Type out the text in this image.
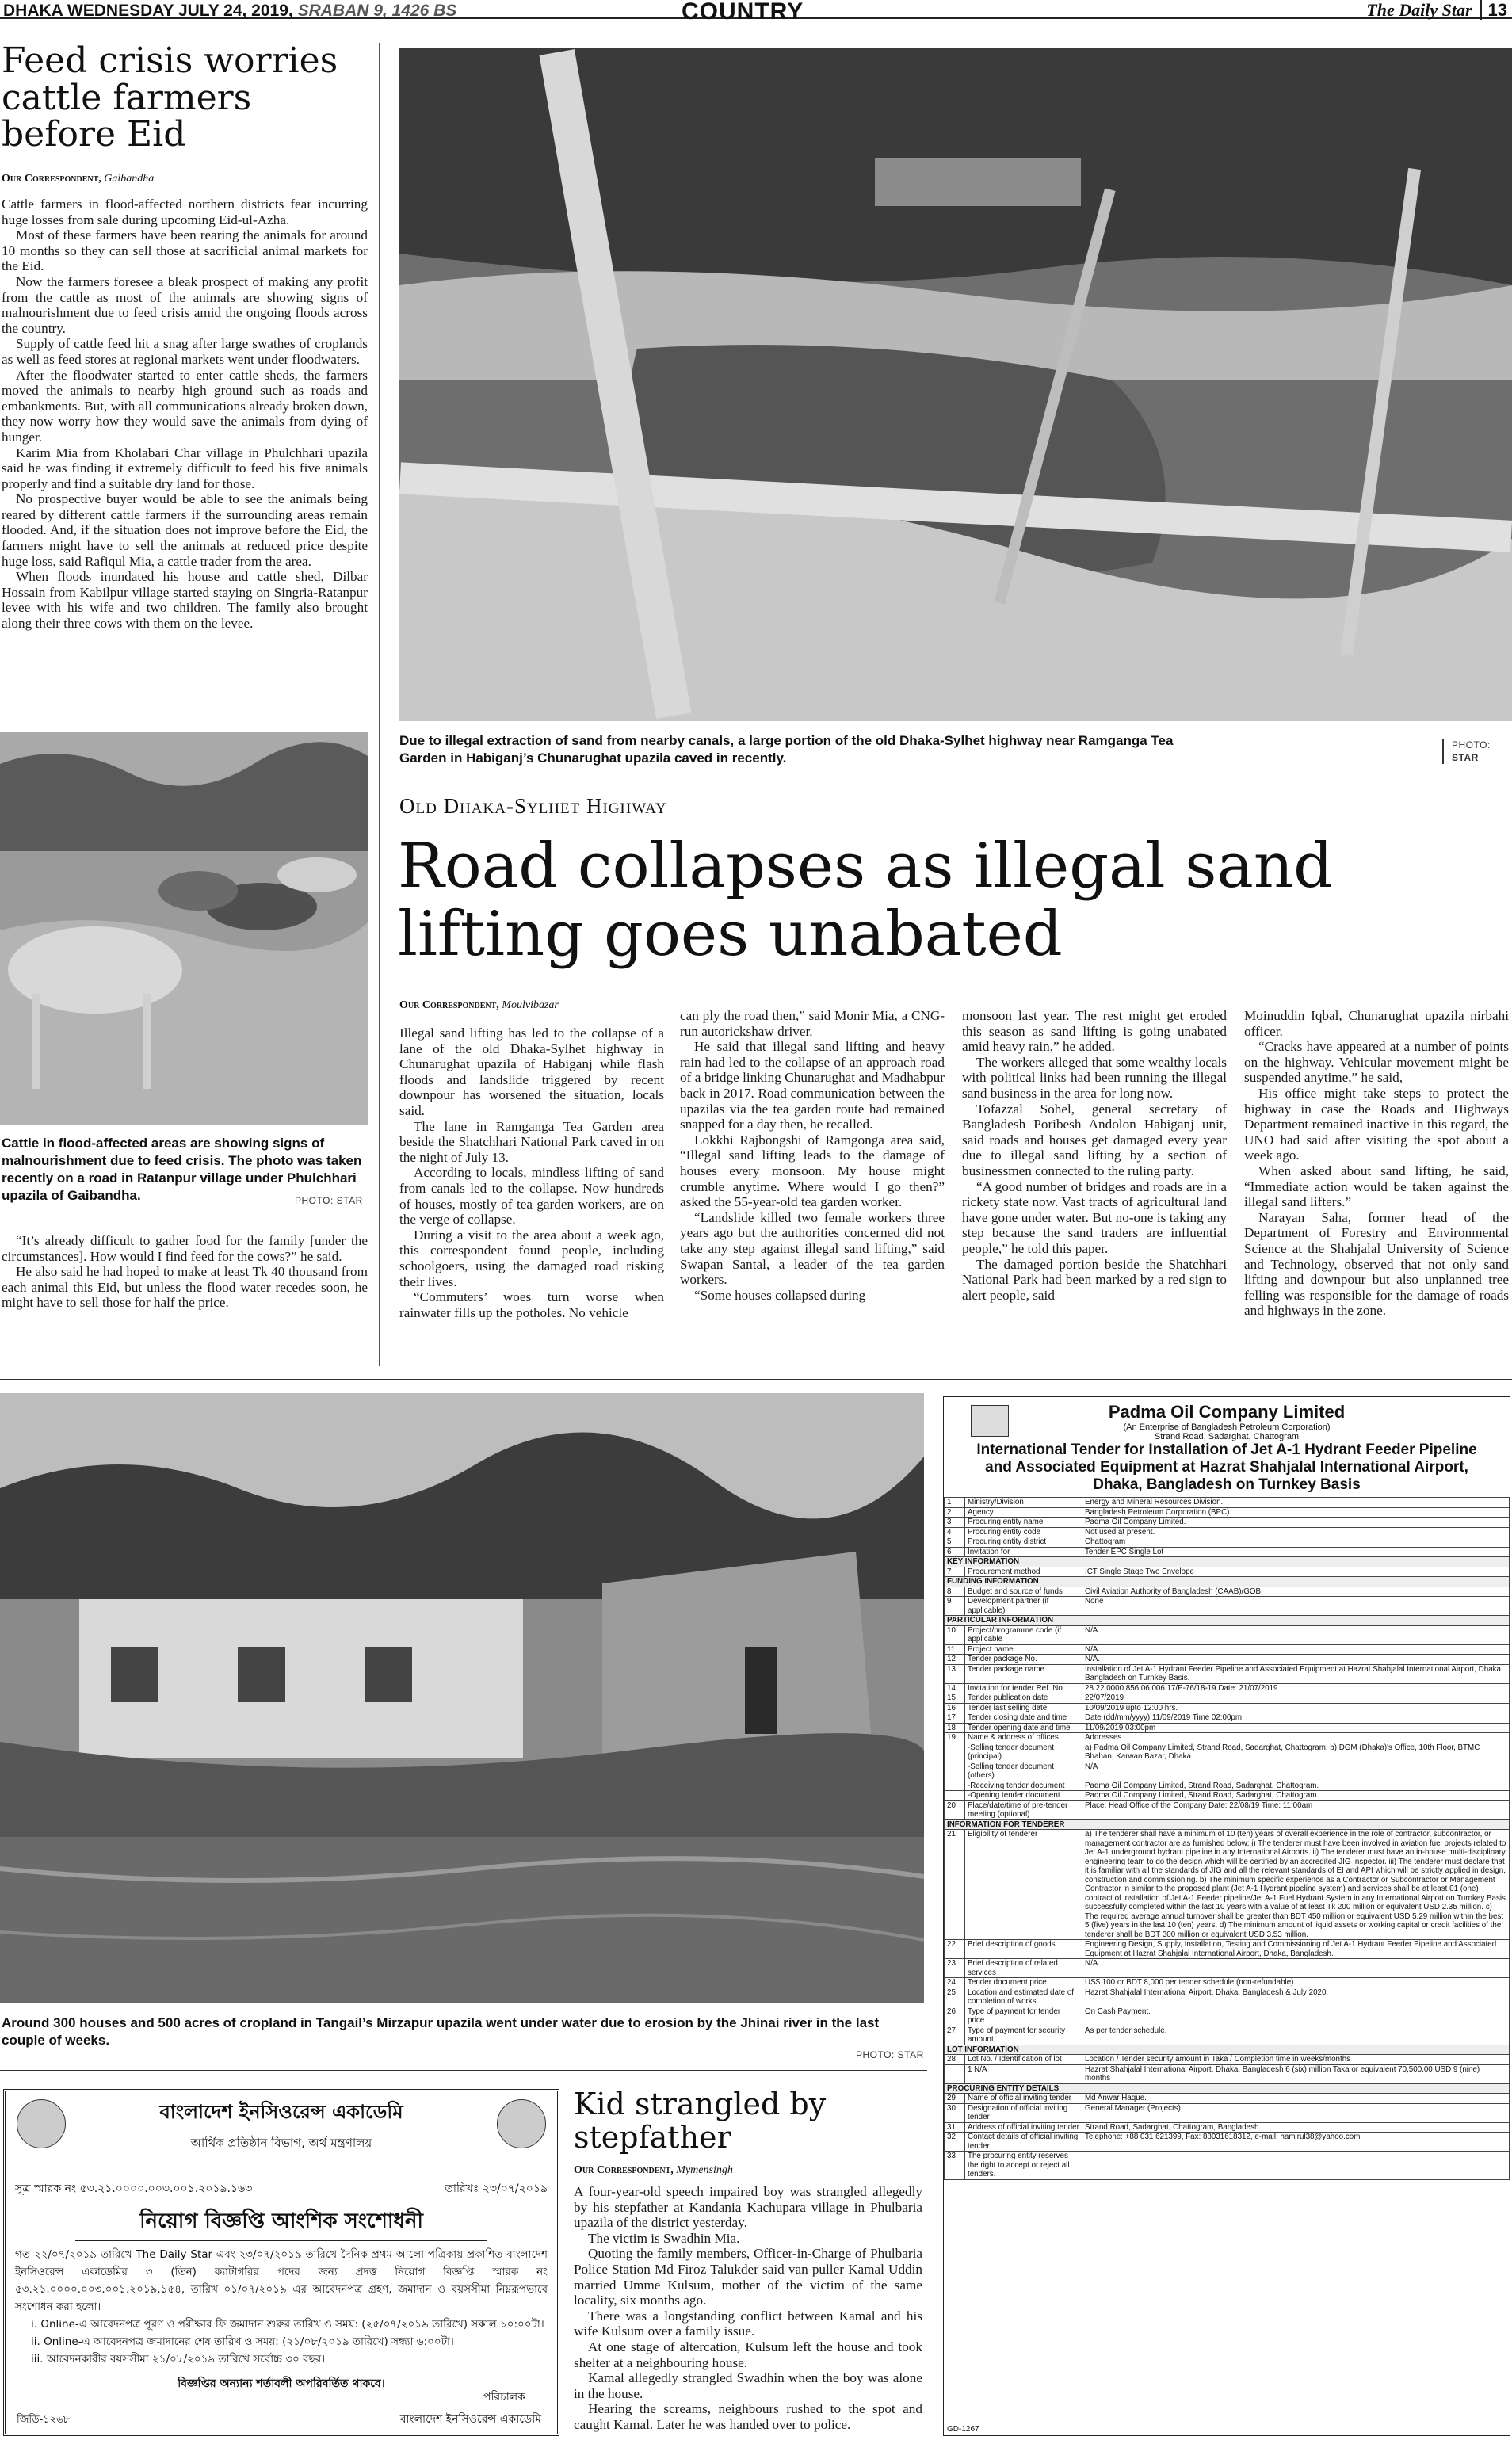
DHAKA WEDNESDAY JULY 24, 2019, SRABAN 9, 1426 BS	COUNTRY	The Daily Star 13
Feed crisis worries cattle farmers before Eid
Our Correspondent, Gaibandha

Cattle farmers in flood-affected northern districts fear incurring huge losses from sale during upcoming Eid-ul-Azha.

Most of these farmers have been rearing the animals for around 10 months so they can sell those at sacrificial animal markets for the Eid.

Now the farmers foresee a bleak prospect of making any profit from the cattle as most of the animals are showing signs of malnourishment due to feed crisis amid the ongoing floods across the country.

Supply of cattle feed hit a snag after large swathes of croplands as well as feed stores at regional markets went under floodwaters.

After the floodwater started to enter cattle sheds, the farmers moved the animals to nearby high ground such as roads and embankments. But, with all communications already broken down, they now worry how they would save the animals from dying of hunger.

Karim Mia from Kholabari Char village in Phulchhari upazila said he was finding it extremely difficult to feed his five animals properly and find a suitable dry land for those.

No prospective buyer would be able to see the animals being reared by different cattle farmers if the surrounding areas remain flooded. And, if the situation does not improve before the Eid, the farmers might have to sell the animals at reduced price despite huge loss, said Rafiqul Mia, a cattle trader from the area.

When floods inundated his house and cattle shed, Dilbar Hossain from Kabilpur village started staying on Singria-Ratanpur levee with his wife and two children. The family also brought along their three cows with them on the levee.

Cattle in flood-affected areas are showing signs of malnourishment due to feed crisis. The photo was taken recently on a road in Ratanpur village under Phulchhari upazila of Gaibandha.	PHOTO: STAR

“It’s already difficult to gather food for the family [under the circumstances]. How would I find feed for the cows?” he said.

He also said he had hoped to make at least Tk 40 thousand from each animal this Eid, but unless the flood water recedes soon, he might have to sell those for half the price.

Due to illegal extraction of sand from nearby canals, a large portion of the old Dhaka-Sylhet highway near Ramganga Tea Garden in Habiganj’s Chunarughat upazila caved in recently.
PHOTO:
STAR
Old Dhaka-Sylhet Highway
Road collapses as illegal sand lifting goes unabated
Our Correspondent, Moulvibazar

Illegal sand lifting has led to the collapse of a lane of the old Dhaka-Sylhet highway in Chunarughat upazila of Habiganj while flash floods and landslide triggered by recent downpour has worsened the situation, locals said.

The lane in Ramganga Tea Garden area beside the Shatchhari National Park caved in on the night of July 13.

According to locals, mindless lifting of sand from canals led to the collapse. Now hundreds of houses, mostly of tea garden workers, are on the verge of collapse.

During a visit to the area about a week ago, this correspondent found people, including schoolgoers, using the damaged road risking their lives.

“Commuters’ woes turn worse when rainwater fills up the potholes. No vehicle

can ply the road then,” said Monir Mia, a CNG-run autorickshaw driver.

He said that illegal sand lifting and heavy rain had led to the collapse of an approach road of a bridge linking Chunarughat and Madhabpur back in 2017. Road communication between the upazilas via the tea garden route had remained snapped for a day then, he recalled.

Lokkhi Rajbongshi of Ramgonga area said, “Illegal sand lifting leads to the damage of houses every monsoon. My house might crumble anytime. Where would I go then?” asked the 55-year-old tea garden worker.

“Landslide killed two female workers three years ago but the authorities concerned did not take any step against illegal sand lifting,” said Swapan Santal, a leader of the tea garden workers.

“Some houses collapsed during

monsoon last year. The rest might get eroded this season as sand lifting is going unabated amid heavy rain,” he added.

The workers alleged that some wealthy locals with political links had been running the illegal sand business in the area for long now.

Tofazzal Sohel, general secretary of Bangladesh Poribesh Andolon Habiganj unit, said roads and houses get damaged every year due to illegal sand lifting by a section of businessmen connected to the ruling party.

“A good number of bridges and roads are in a rickety state now. Vast tracts of agricultural land have gone under water. But no-one is taking any step because the sand traders are influential people,” he told this paper.

The damaged portion beside the Shatchhari National Park had been marked by a red sign to alert people, said

Moinuddin Iqbal, Chunarughat upazila nirbahi officer.

“Cracks have appeared at a number of points on the highway. Vehicular movement might be suspended anytime,” he said,

His office might take steps to protect the highway in case the Roads and Highways Department remained inactive in this regard, the UNO had said after visiting the spot about a week ago.

When asked about sand lifting, he said, “Immediate action would be taken against the illegal sand lifters.”

Narayan Saha, former head of the Department of Forestry and Environmental Science at the Shahjalal University of Science and Technology, observed that not only sand lifting and downpour but also unplanned tree felling was responsible for the damage of roads and highways in the zone.

Around 300 houses and 500 acres of cropland in Tangail’s Mirzapur upazila went under water due to erosion by the Jhinai river in the last couple of weeks.
PHOTO: STAR
বাংলাদেশ ইনসিওরেন্স একাডেমি
আর্থিক প্রতিষ্ঠান বিভাগ, অর্থ মন্ত্রণালয়
সূত্র স্মারক নং ৫৩.২১.০০০০.০০৩.০০১.২০১৯.১৬৩	তারিখঃ ২৩/০৭/২০১৯
নিয়োগ বিজ্ঞপ্তি আংশিক সংশোধনী
গত ২২/০৭/২০১৯ তারিখে The Daily Star এবং ২৩/০৭/২০১৯ তারিখে দৈনিক প্রথম আলো পত্রিকায় প্রকাশিত বাংলাদেশ ইনসিওরেন্স একাডেমির ৩ (তিন) ক্যাটাগরির পদের জন্য প্রদত্ত নিয়োগ বিজ্ঞপ্তি স্মারক নং ৫৩.২১.০০০০.০০৩.০০১.২০১৯.১৫৪, তারিখ ০১/০৭/২০১৯ এর আবেদনপত্র গ্রহণ, জমাদান ও বয়সসীমা নিম্নরূপভাবে সংশোধন করা হলো।
i. Online-এ আবেদনপত্র পূরণ ও পরীক্ষার ফি জমাদান শুরুর তারিখ ও সময়: (২৫/০৭/২০১৯ তারিখে) সকাল ১০:০০টা।
ii. Online-এ আবেদনপত্র জমাদানের শেষ তারিখ ও সময়: (২১/০৮/২০১৯ তারিখে) সন্ধ্যা ৬:০০টা।
iii. আবেদনকারীর বয়সসীমা ২১/০৮/২০১৯ তারিখে সর্বোচ্চ ৩০ বছর।
বিজ্ঞপ্তির অন্যান্য শর্তাবলী অপরিবর্তিত থাকবে।
পরিচালক
জিডি-১২৬৮	বাংলাদেশ ইনসিওরেন্স একাডেমি
Kid strangled by stepfather
Our Correspondent, Mymensingh

A four-year-old speech impaired boy was strangled allegedly by his stepfather at Kandania Kachupara village in Phulbaria upazila of the district yesterday.

The victim is Swadhin Mia.

Quoting the family members, Officer-in-Charge of Phulbaria Police Station Md Firoz Talukder said van puller Kamal Uddin married Umme Kulsum, mother of the victim of the same locality, six months ago.

There was a longstanding conflict between Kamal and his wife Kulsum over a family issue.

At one stage of altercation, Kulsum left the house and took shelter at a neighbouring house.

Kamal allegedly strangled Swadhin when the boy was alone in the house.

Hearing the screams, neighbours rushed to the spot and caught Kamal. Later he was handed over to police.

Padma Oil Company Limited
(An Enterprise of Bangladesh Petroleum Corporation)
Strand Road, Sadarghat, Chattogram
International Tender for Installation of Jet A-1 Hydrant Feeder Pipeline and Associated Equipment at Hazrat Shahjalal International Airport, Dhaka, Bangladesh on Turnkey Basis
1	Ministry/Division	Energy and Mineral Resources Division.
2	Agency	Bangladesh Petroleum Corporation (BPC).
3	Procuring entity name	Padma Oil Company Limited.
4	Procuring entity code	Not used at present.
5	Procuring entity district	Chattogram
6	Invitation for	Tender EPC Single Lot
KEY INFORMATION		
7	Procurement method	ICT Single Stage Two Envelope
FUNDING INFORMATION		
8	Budget and source of funds	Civil Aviation Authority of Bangladesh (CAAB)/GOB.
9	Development partner (if applicable)	None
PARTICULAR INFORMATION		
10	Project/programme code (if applicable	N/A.
11	Project name	N/A.
12	Tender package No.	N/A.
13	Tender package name	Installation of Jet A-1 Hydrant Feeder Pipeline and Associated Equipment at Hazrat Shahjalal International Airport, Dhaka, Bangladesh on Turnkey Basis.
14	Invitation for tender Ref. No.	28.22.0000.856.06.006.17/P-76/18-19 Date: 21/07/2019
15	Tender publication date	22/07/2019
16	Tender last selling date	10/09/2019 upto 12:00 hrs.
17	Tender closing date and time	Date (dd/mm/yyyy) 11/09/2019 Time 02:00pm
18	Tender opening date and time	11/09/2019 03:00pm
19	Name & address of offices	Addresses
	-Selling tender document (principal)	a) Padma Oil Company Limited, Strand Road, Sadarghat, Chattogram. b) DGM (Dhaka)'s Office, 10th Floor, BTMC Bhaban, Karwan Bazar, Dhaka.
	-Selling tender document (others)	N/A
	-Receiving tender document	Padma Oil Company Limited, Strand Road, Sadarghat, Chattogram.
	-Opening tender document	Padma Oil Company Limited, Strand Road, Sadarghat, Chattogram.
20	Place/date/time of pre-tender meeting (optional)	Place: Head Office of the Company Date: 22/08/19 Time: 11:00am
INFORMATION FOR TENDERER		
21	Eligibility of tenderer	a) The tenderer shall have a minimum of 10 (ten) years of overall experience in the role of contractor, subcontractor, or management contractor are as furnished below: i) The tenderer must have been involved in aviation fuel projects related to Jet A-1 underground hydrant pipeline in any International Airports. ii) The tenderer must have an in-house multi-disciplinary engineering team to do the design which will be certified by an accredited JIG Inspector. iii) The tenderer must declare that it is familiar with all the standards of JIG and all the relevant standards of EI and API which will be strictly applied in design, construction and commissioning. b) The minimum specific experience as a Contractor or Subcontractor or Management Contractor in similar to the proposed plant (Jet A-1 Hydrant pipeline system) and services shall be at least 01 (one) contract of installation of Jet A-1 Feeder pipeline/Jet A-1 Fuel Hydrant System in any International Airport on Turnkey Basis successfully completed within the last 10 years with a value of at least Tk 200 million or equivalent USD 2.35 million. c) The required average annual turnover shall be greater than BDT 450 million or equivalent USD 5.29 million within the best 5 (five) years in the last 10 (ten) years. d) The minimum amount of liquid assets or working capital or credit facilities of the tenderer shall be BDT 300 million or equivalent USD 3.53 million.
22	Brief description of goods	Engineering Design, Supply, Installation, Testing and Commissioning of Jet A-1 Hydrant Feeder Pipeline and Associated Equipment at Hazrat Shahjalal International Airport, Dhaka, Bangladesh.
23	Brief description of related services	N/A.
24	Tender document price	US$ 100 or BDT 8,000 per tender schedule (non-refundable).
25	Location and estimated date of completion of works	Hazrat Shahjalal International Airport, Dhaka, Bangladesh & July 2020.
26	Type of payment for tender price	On Cash Payment.
27	Type of payment for security amount	As per tender schedule.
LOT INFORMATION		
28	Lot No. / Identification of lot	Location / Tender security amount in Taka / Completion time in weeks/months
	1 N/A	Hazrat Shahjalal International Airport, Dhaka, Bangladesh 6 (six) million Taka or equivalent 70,500.00 USD 9 (nine) months
PROCURING ENTITY DETAILS		
29	Name of official inviting tender	Md Anwar Haque.
30	Designation of official inviting tender	General Manager (Projects).
31	Address of official inviting tender	Strand Road, Sadarghat, Chattogram, Bangladesh.
32	Contact details of official inviting tender	Telephone: +88 031 621399, Fax: 88031618312, e-mail: hamirul38@yahoo.com
33	The procuring entity reserves the right to accept or reject all tenders.	
GD-1267
